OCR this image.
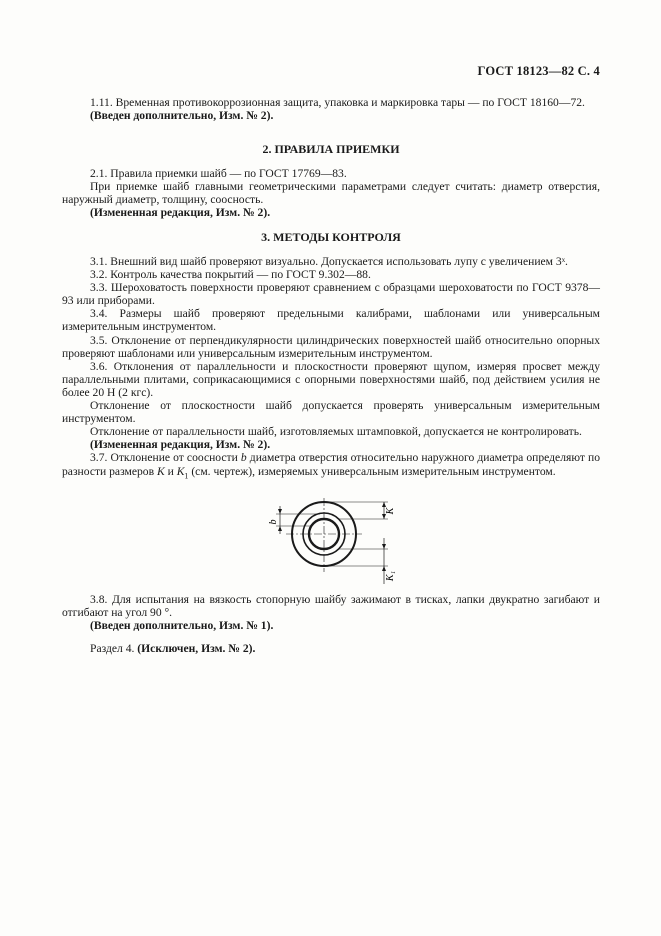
ГОСТ 18123—82 С. 4

1.11. Временная противокоррозионная защита, упаковка и маркировка тары — по ГОСТ 18160—72.

(Введен дополнительно, Изм. № 2).

2. ПРАВИЛА ПРИЕМКИ

2.1. Правила приемки шайб — по ГОСТ 17769—83.

При приемке шайб главными геометрическими параметрами следует считать: диаметр отверстия, наружный диаметр, толщину, соосность.

(Измененная редакция, Изм. № 2).

3. МЕТОДЫ КОНТРОЛЯ

3.1. Внешний вид шайб проверяют визуально. Допускается использовать лупу с увеличением 3ˣ.

3.2. Контроль качества покрытий — по ГОСТ 9.302—88.

3.3. Шероховатость поверхности проверяют сравнением с образцами шероховатости по ГОСТ 9378—93 или приборами.

3.4. Размеры шайб проверяют предельными калибрами, шаблонами или универсальным измерительным инструментом.

3.5. Отклонение от перпендикулярности цилиндрических поверхностей шайб относительно опорных проверяют шаблонами или универсальным измерительным инструментом.

3.6. Отклонения от параллельности и плоскостности проверяют щупом, измеряя просвет между параллельными плитами, соприкасающимися с опорными поверхностями шайб, под действием усилия не более 20 Н (2 кгс).

Отклонение от плоскостности шайб допускается проверять универсальным измерительным инструментом.

Отклонение от параллельности шайб, изготовляемых штамповкой, допускается не контролировать.

(Измененная редакция, Изм. № 2).

3.7. Отклонение от соосности b диаметра отверстия относительно наружного диаметра определяют по разности размеров K и $K_1$ (см. чертеж), измеряемых универсальным измерительным инструментом.

b
K
K₁

3.8. Для испытания на вязкость стопорную шайбу зажимают в тисках, лапки двукратно загибают и отгибают на угол 90 °.

(Введен дополнительно, Изм. № 1).

Раздел 4. (Исключен, Изм. № 2).
